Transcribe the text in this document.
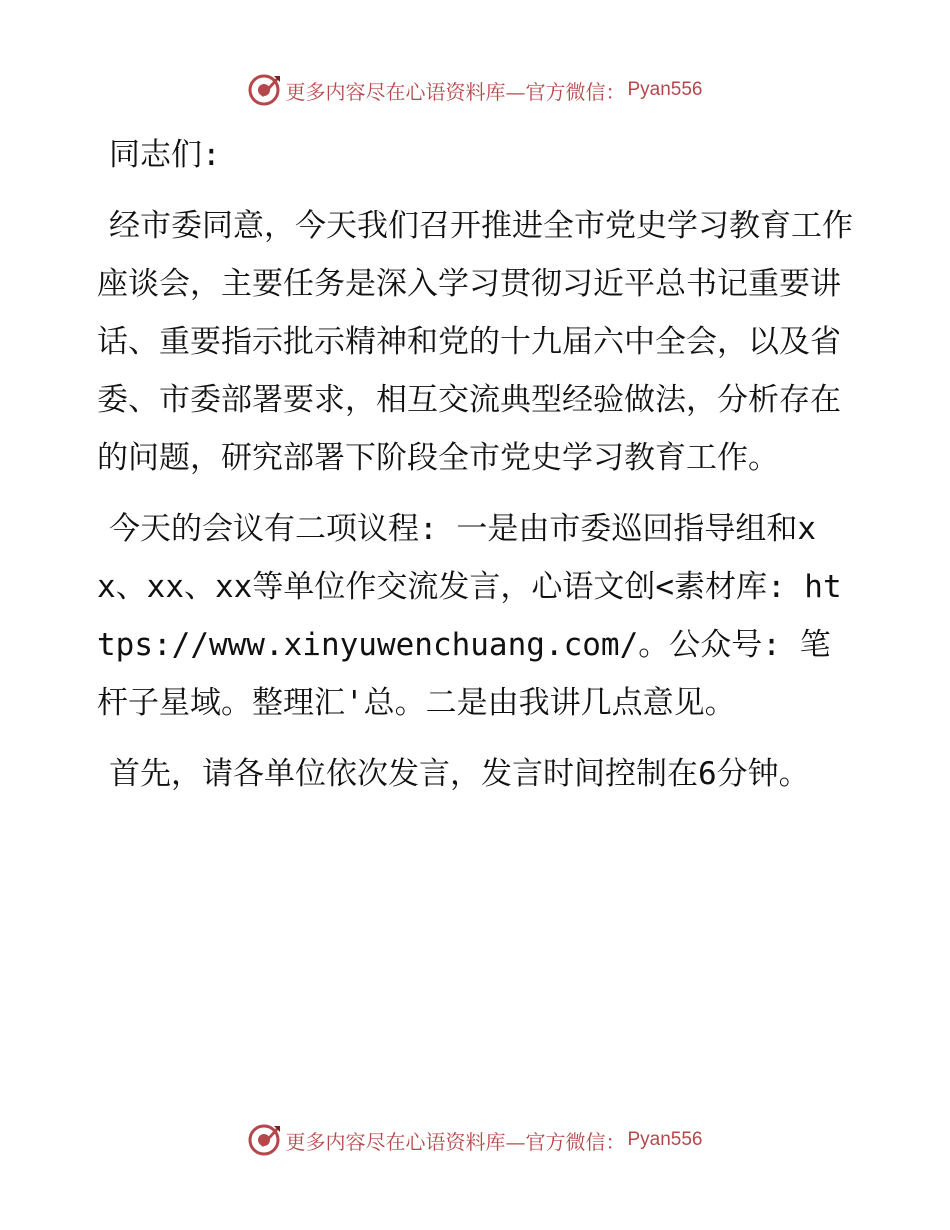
更多内容尽在心语资料库—官方微信： Pyan556

同志们:

经市委同意，今天我们召开推进全市党史学习教育工作座谈会，主要任务是深入学习贯彻习近平总书记重要讲话、重要指示批示精神和党的十九届六中全会，以及省委、市委部署要求，相互交流典型经验做法，分析存在的问题，研究部署下阶段全市党史学习教育工作。

今天的会议有二项议程: 一是由市委巡回指导组和xx、xx、xx等单位作交流发言，心语文创<素材库: https://www.xinyuwenchuang.com/。公众号: 笔杆子星域。整理汇'总。二是由我讲几点意见。

首先，请各单位依次发言，发言时间控制在6分钟。

更多内容尽在心语资料库—官方微信： Pyan556
